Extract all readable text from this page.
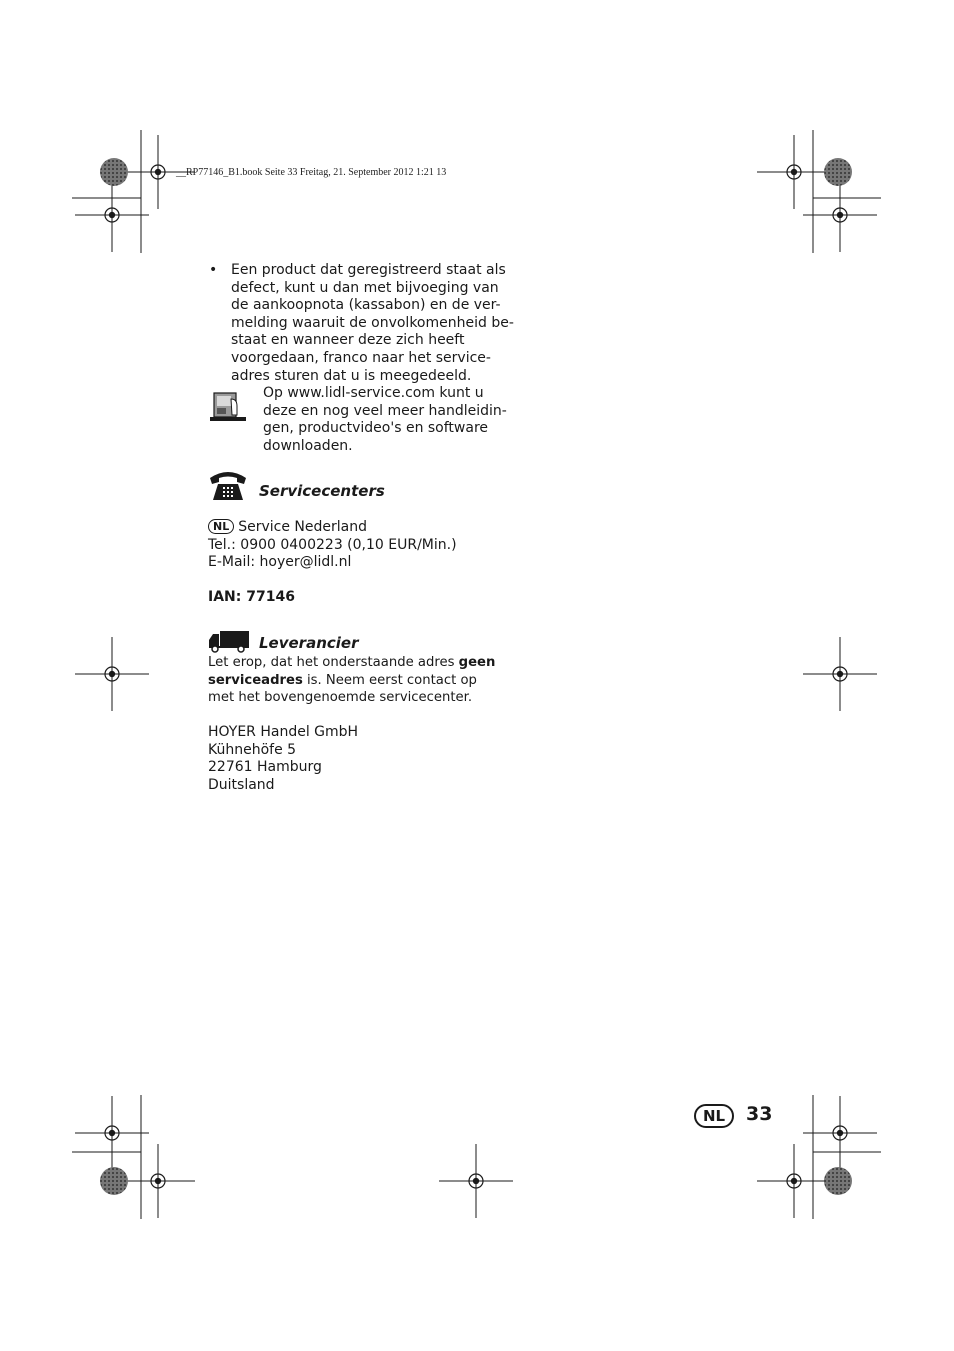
__RP77146_B1.book Seite 33 Freitag, 21. September 2012 1:21 13
• Een product dat geregistreerd staat als
defect, kunt u dan met bijvoeging van
de aankoopnota (kassabon) en de ver-
melding waaruit de onvolkomenheid be-
staat en wanneer deze zich heeft
voorgedaan, franco naar het service-
adres sturen dat u is meegedeeld.
Op www.lidl-service.com kunt u
deze en nog veel meer handleidin-
gen, productvideo's en software
downloaden.
Servicecenters
NL Service Nederland
Tel.: 0900 0400223 (0,10 EUR/Min.)
E-Mail: hoyer@lidl.nl
IAN: 77146
Leverancier
Let erop, dat het onderstaande adres geen
serviceadres is. Neem eerst contact op
met het bovengenoemde servicecenter.
HOYER Handel GmbH
Kühnehöfe 5
22761 Hamburg
Duitsland
NL	33
